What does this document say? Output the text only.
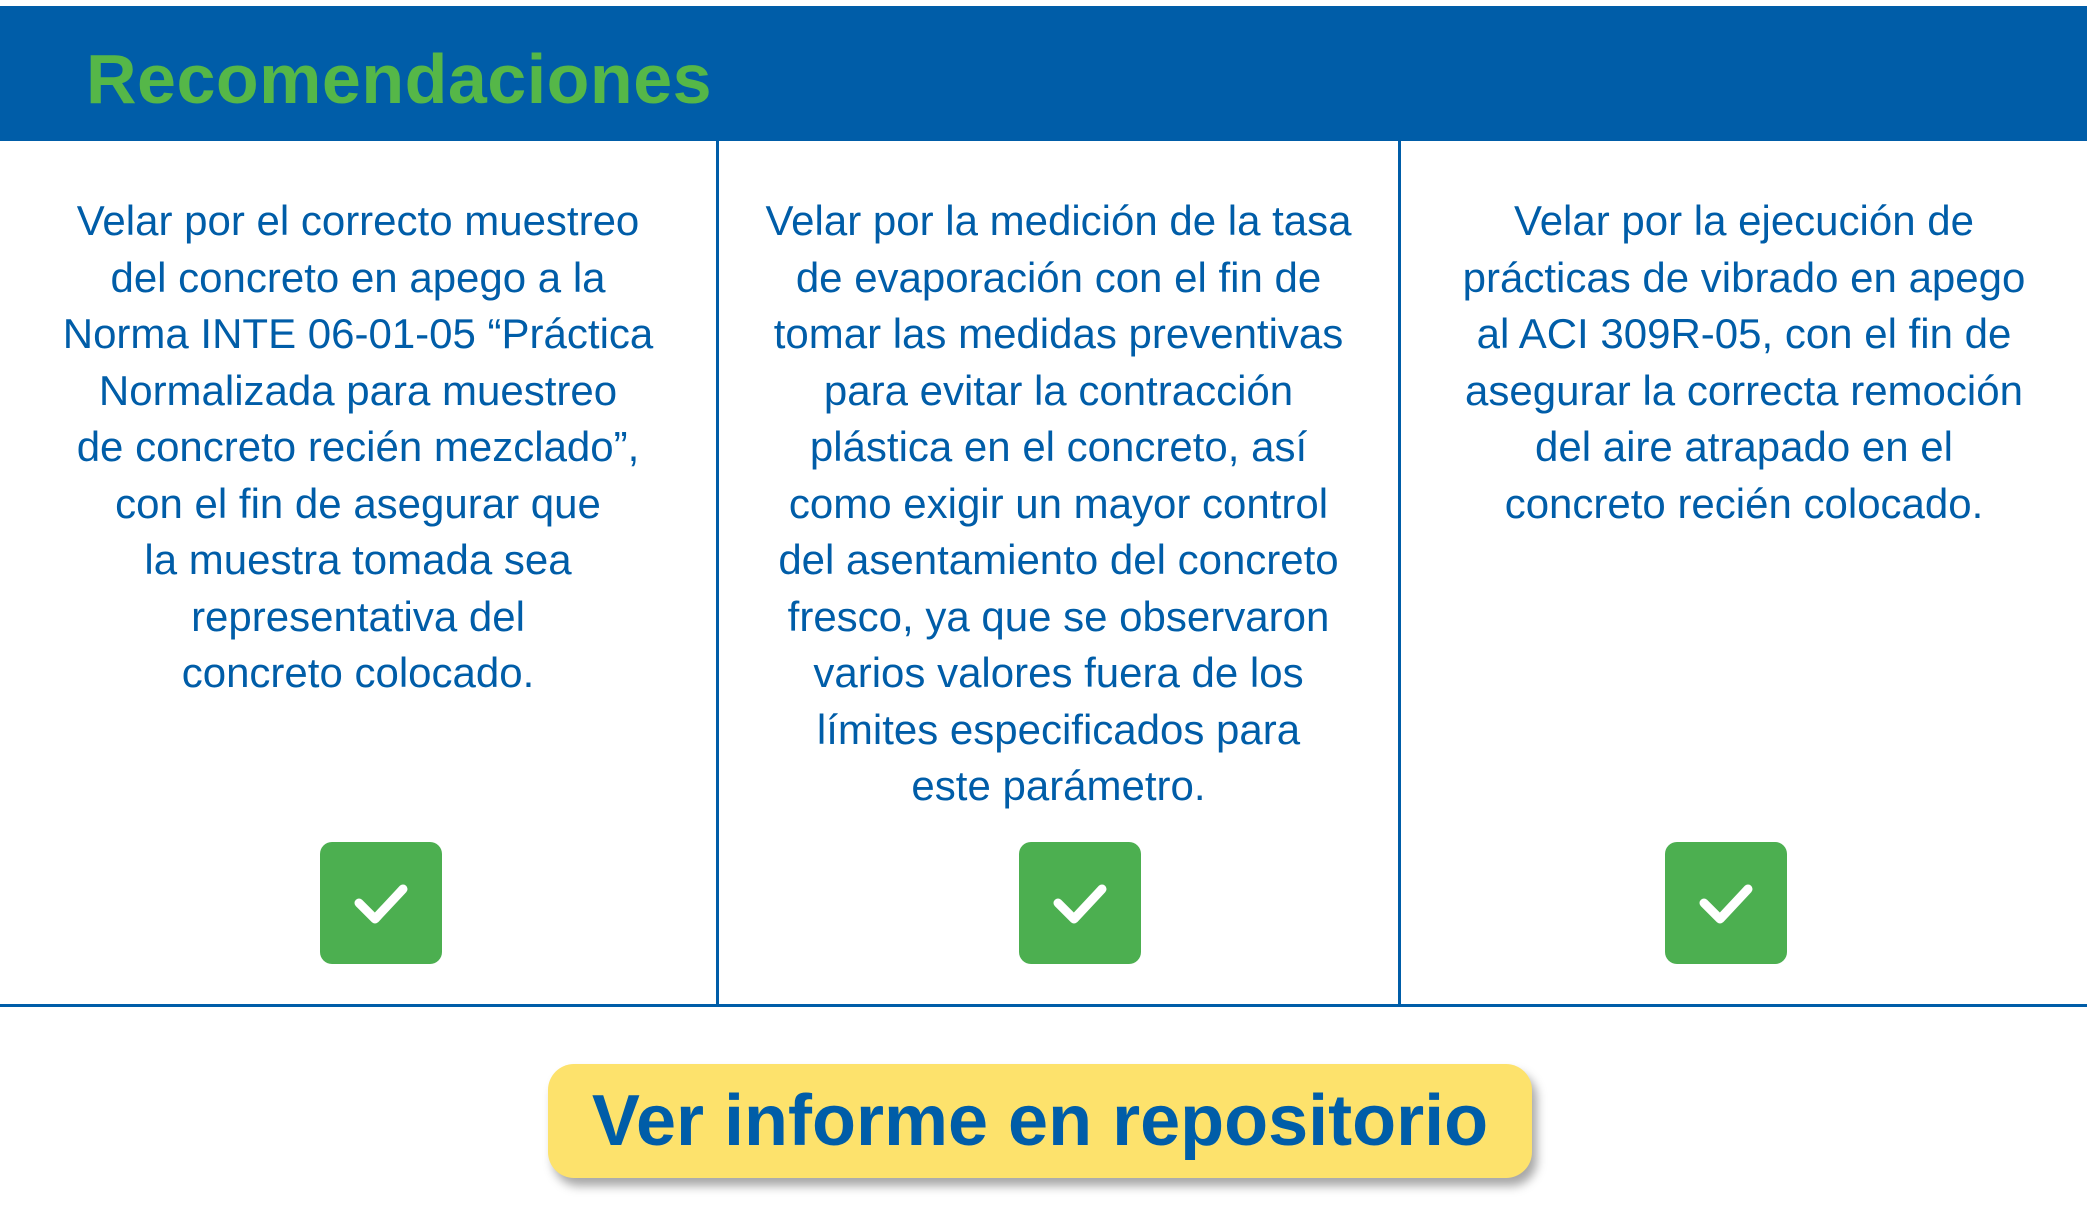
Recomendaciones
Velar por el correcto muestreo
del concreto en apego a la
Norma INTE 06-01-05 “Práctica
Normalizada para muestreo
de concreto recién mezclado”,
con el fin de asegurar que
la muestra tomada sea
representativa del
concreto colocado.
Velar por la medición de la tasa
de evaporación con el fin de
tomar las medidas preventivas
para evitar la contracción
plástica en el concreto, así
como exigir un mayor control
del asentamiento del concreto
fresco, ya que se observaron
varios valores fuera de los
límites especificados para
este parámetro.
Velar por la ejecución de
prácticas de vibrado en apego
al ACI 309R-05, con el fin de
asegurar la correcta remoción
del aire atrapado en el
concreto recién colocado.
Ver informe en repositorio
